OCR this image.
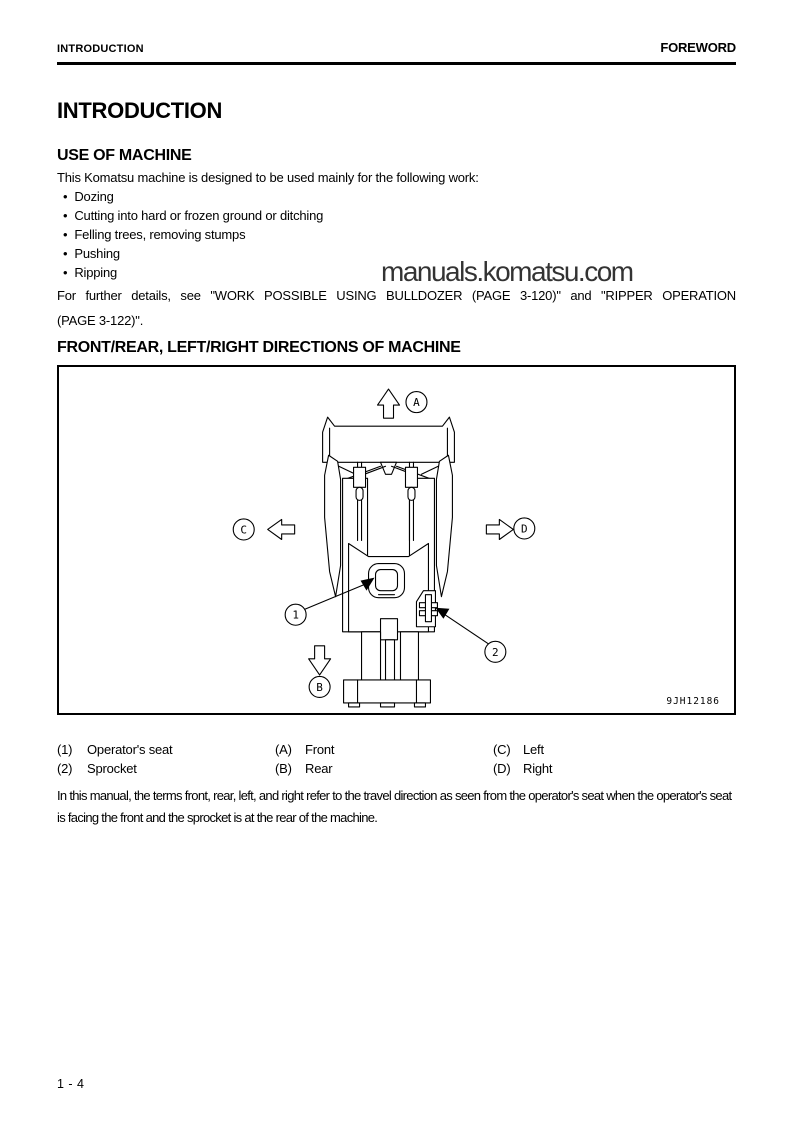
INTRODUCTION	FOREWORD
INTRODUCTION
USE OF MACHINE

This Komatsu machine is designed to be used mainly for the following work:

• Dozing
• Cutting into hard or frozen ground or ditching
• Felling trees, removing stumps
• Pushing
• Ripping
For further details, see "WORK POSSIBLE USING BULLDOZER (PAGE 3-120)" and "RIPPER OPERATION
(PAGE 3-122)".
FRONT/REAR, LEFT/RIGHT DIRECTIONS OF MACHINE
A
B
C	D
1
2
9JH12186
(1) Operator's seat	(A) Front	(C) Left
(2) Sprocket	(B) Rear	(D) Right

In this manual, the terms front, rear, left, and right refer to the travel direction as seen from the operator's seat when the operator's seat is facing the front and the sprocket is at the rear of the machine.

manuals.komatsu.com
1 - 4
